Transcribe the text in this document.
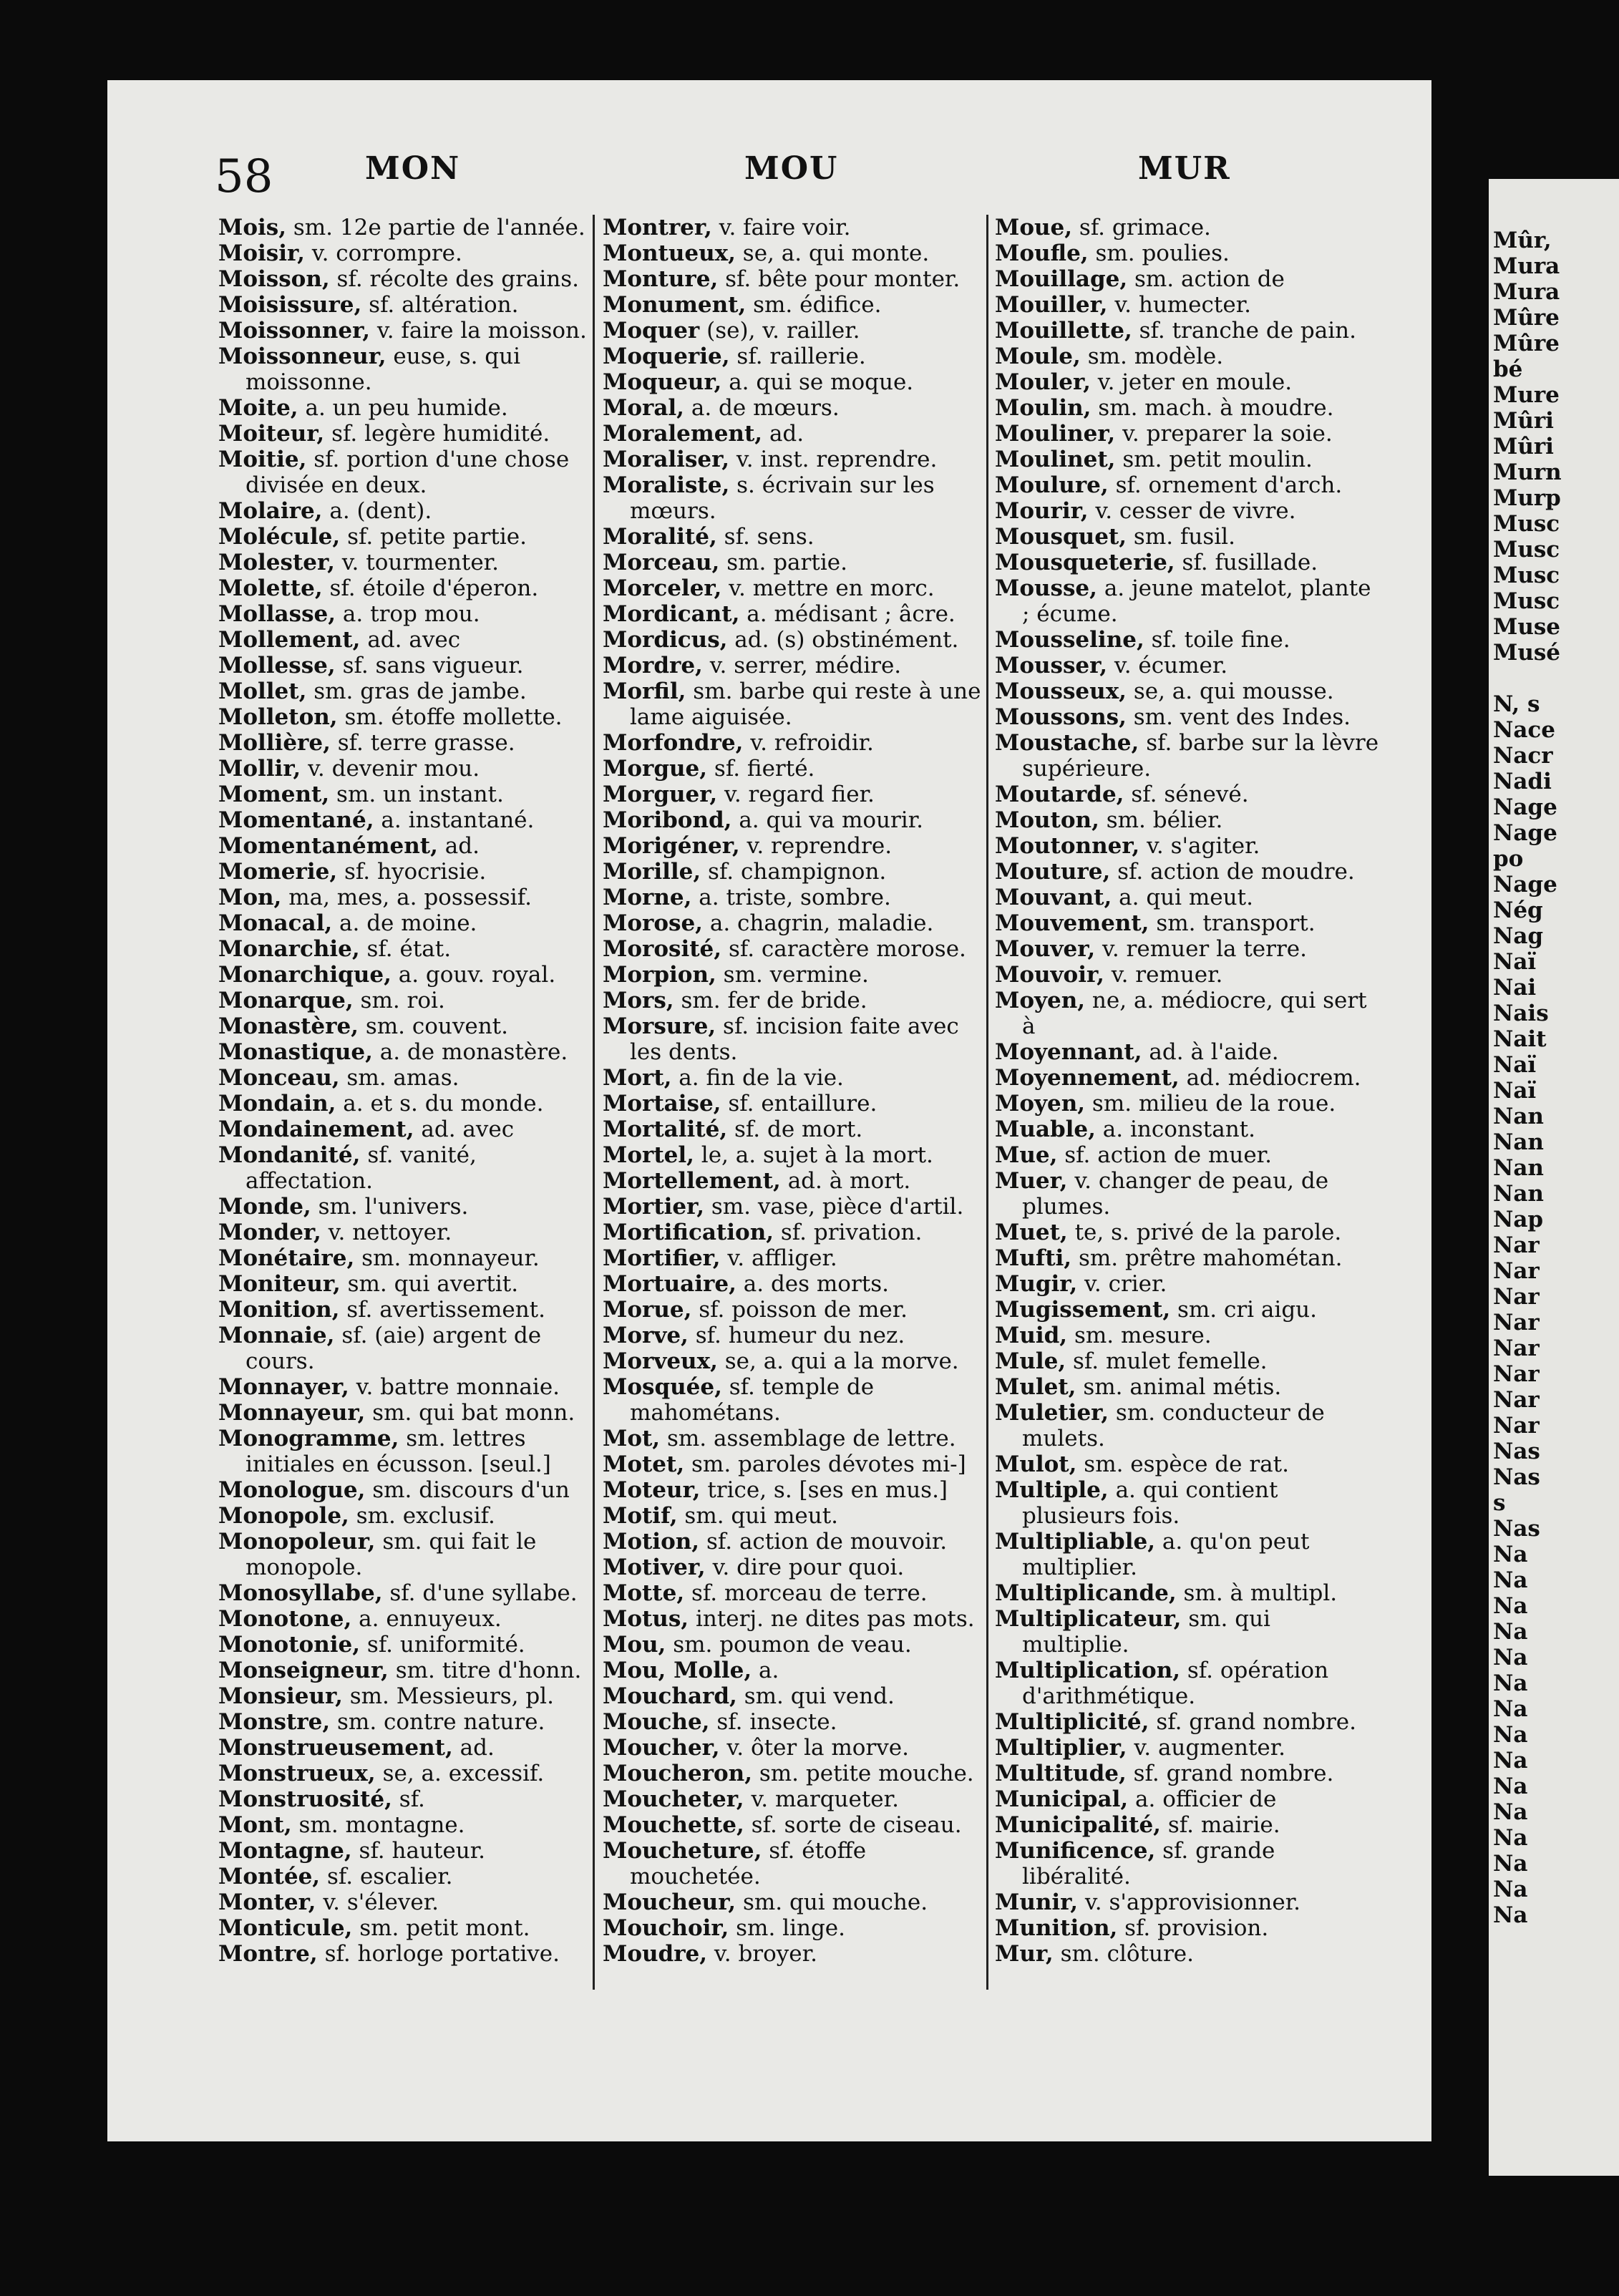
Mûr,
Mura
Mura
Mûre
Mûre
bé
Mure
Mûri
Mûri
Murn
Murp
Musc
Musc
Musc
Musc
Muse
Musé

N, s
Nace
Nacr
Nadi
Nage
Nage
po
Nage
Nég
Nag
Naï
Nai
Nais
Nait
Naï
Naï
Nan
Nan
Nan
Nan
Nap
Nar
Nar
Nar
Nar
Nar
Nar
Nar
Nar
Nas
Nas
s
Nas
Na
Na
Na
Na
Na
Na
Na
Na
Na
Na
Na
Na
Na
Na
Na
58	MON	MOU	MUR
Mois, sm. 12e partie de l'année.
Moisir, v. corrompre.
Moisson, sf. récolte des grains.
Moisissure, sf. altération.
Moissonner, v. faire la moisson.
Moissonneur, euse, s. qui moissonne.
Moite, a. un peu humide.
Moiteur, sf. legère humidité.
Moitie, sf. portion d'une chose divisée en deux.
Molaire, a. (dent).
Molécule, sf. petite partie.
Molester, v. tourmenter.
Molette, sf. étoile d'éperon.
Mollasse, a. trop mou.
Mollement, ad. avec
Mollesse, sf. sans vigueur.
Mollet, sm. gras de jambe.
Molleton, sm. étoffe mollette.
Mollière, sf. terre grasse.
Mollir, v. devenir mou.
Moment, sm. un instant.
Momentané, a. instantané.
Momentanément, ad.
Momerie, sf. hyocrisie.
Mon, ma, mes, a. possessif.
Monacal, a. de moine.
Monarchie, sf. état.
Monarchique, a. gouv. royal.
Monarque, sm. roi.
Monastère, sm. couvent.
Monastique, a. de monastère.
Monceau, sm. amas.
Mondain, a. et s. du monde.
Mondainement, ad. avec
Mondanité, sf. vanité, affectation.
Monde, sm. l'univers.
Monder, v. nettoyer.
Monétaire, sm. monnayeur.
Moniteur, sm. qui avertit.
Monition, sf. avertissement.
Monnaie, sf. (aie) argent de cours.
Monnayer, v. battre monnaie.
Monnayeur, sm. qui bat monn.
Monogramme, sm. lettres initiales en écusson. [seul.]
Monologue, sm. discours d'un
Monopole, sm. exclusif.
Monopoleur, sm. qui fait le monopole.
Monosyllabe, sf. d'une syllabe.
Monotone, a. ennuyeux.
Monotonie, sf. uniformité.
Monseigneur, sm. titre d'honn.
Monsieur, sm. Messieurs, pl.
Monstre, sm. contre nature.
Monstrueusement, ad.
Monstrueux, se, a. excessif.
Monstruosité, sf.
Mont, sm. montagne.
Montagne, sf. hauteur.
Montée, sf. escalier.
Monter, v. s'élever.
Monticule, sm. petit mont.
Montre, sf. horloge portative.
Montrer, v. faire voir.
Montueux, se, a. qui monte.
Monture, sf. bête pour monter.
Monument, sm. édifice.
Moquer (se), v. railler.
Moquerie, sf. raillerie.
Moqueur, a. qui se moque.
Moral, a. de mœurs.
Moralement, ad.
Moraliser, v. inst. reprendre.
Moraliste, s. écrivain sur les mœurs.
Moralité, sf. sens.
Morceau, sm. partie.
Morceler, v. mettre en morc.
Mordicant, a. médisant ; âcre.
Mordicus, ad. (s) obstinément.
Mordre, v. serrer, médire.
Morfil, sm. barbe qui reste à une lame aiguisée.
Morfondre, v. refroidir.
Morgue, sf. fierté.
Morguer, v. regard fier.
Moribond, a. qui va mourir.
Morigéner, v. reprendre.
Morille, sf. champignon.
Morne, a. triste, sombre.
Morose, a. chagrin, maladie.
Morosité, sf. caractère morose.
Morpion, sm. vermine.
Mors, sm. fer de bride.
Morsure, sf. incision faite avec les dents.
Mort, a. fin de la vie.
Mortaise, sf. entaillure.
Mortalité, sf. de mort.
Mortel, le, a. sujet à la mort.
Mortellement, ad. à mort.
Mortier, sm. vase, pièce d'artil.
Mortification, sf. privation.
Mortifier, v. affliger.
Mortuaire, a. des morts.
Morue, sf. poisson de mer.
Morve, sf. humeur du nez.
Morveux, se, a. qui a la morve.
Mosquée, sf. temple de mahométans.
Mot, sm. assemblage de lettre.
Motet, sm. paroles dévotes mi-]
Moteur, trice, s. [ses en mus.]
Motif, sm. qui meut.
Motion, sf. action de mouvoir.
Motiver, v. dire pour quoi.
Motte, sf. morceau de terre.
Motus, interj. ne dites pas mots.
Mou, sm. poumon de veau.
Mou, Molle, a.
Mouchard, sm. qui vend.
Mouche, sf. insecte.
Moucher, v. ôter la morve.
Moucheron, sm. petite mouche.
Moucheter, v. marqueter.
Mouchette, sf. sorte de ciseau.
Moucheture, sf. étoffe mouchetée.
Moucheur, sm. qui mouche.
Mouchoir, sm. linge.
Moudre, v. broyer.
Moue, sf. grimace.
Moufle, sm. poulies.
Mouillage, sm. action de
Mouiller, v. humecter.
Mouillette, sf. tranche de pain.
Moule, sm. modèle.
Mouler, v. jeter en moule.
Moulin, sm. mach. à moudre.
Mouliner, v. preparer la soie.
Moulinet, sm. petit moulin.
Moulure, sf. ornement d'arch.
Mourir, v. cesser de vivre.
Mousquet, sm. fusil.
Mousqueterie, sf. fusillade.
Mousse, a. jeune matelot, plante ; écume.
Mousseline, sf. toile fine.
Mousser, v. écumer.
Mousseux, se, a. qui mousse.
Moussons, sm. vent des Indes.
Moustache, sf. barbe sur la lèvre supérieure.
Moutarde, sf. sénevé.
Mouton, sm. bélier.
Moutonner, v. s'agiter.
Mouture, sf. action de moudre.
Mouvant, a. qui meut.
Mouvement, sm. transport.
Mouver, v. remuer la terre.
Mouvoir, v. remuer.
Moyen, ne, a. médiocre, qui sert à
Moyennant, ad. à l'aide.
Moyennement, ad. médiocrem.
Moyen, sm. milieu de la roue.
Muable, a. inconstant.
Mue, sf. action de muer.
Muer, v. changer de peau, de plumes.
Muet, te, s. privé de la parole.
Mufti, sm. prêtre mahométan.
Mugir, v. crier.
Mugissement, sm. cri aigu.
Muid, sm. mesure.
Mule, sf. mulet femelle.
Mulet, sm. animal métis.
Muletier, sm. conducteur de mulets.
Mulot, sm. espèce de rat.
Multiple, a. qui contient plusieurs fois.
Multipliable, a. qu'on peut multiplier.
Multiplicande, sm. à multipl.
Multiplicateur, sm. qui multiplie.
Multiplication, sf. opération d'arithmétique.
Multiplicité, sf. grand nombre.
Multiplier, v. augmenter.
Multitude, sf. grand nombre.
Municipal, a. officier de
Municipalité, sf. mairie.
Munificence, sf. grande libéralité.
Munir, v. s'approvisionner.
Munition, sf. provision.
Mur, sm. clôture.
